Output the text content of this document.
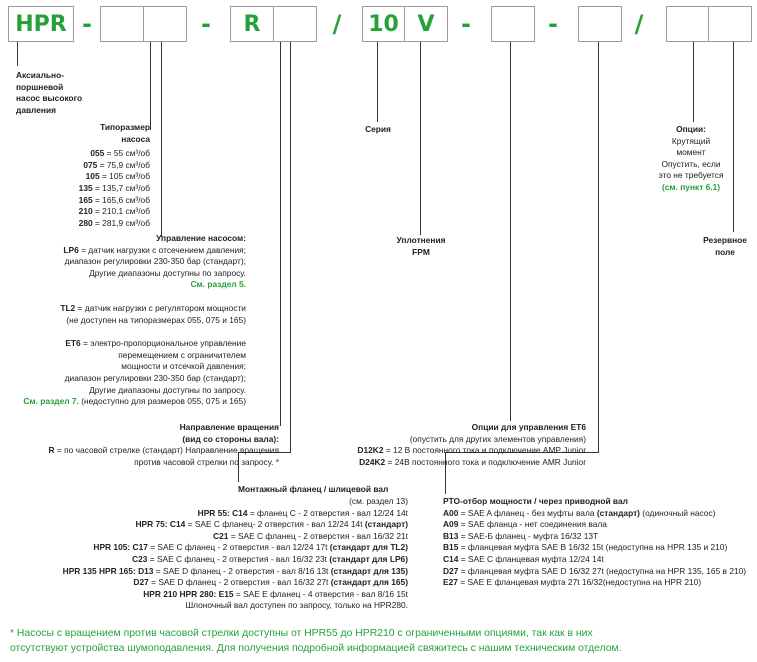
HPR -	- R	/	10 V -	-	/
Аксиально-
поршневой
насос высокого
давления
Типоразмер
насоса
055 = 55 см³/об
075 = 75,9 см³/об
105 = 105 см³/об
135 = 135,7 см³/об
165 = 165,6 см³/об
210 = 210,1 см³/об
280 = 281,9 см³/об
Управление насосом:
LP6 = датчик нагрузки с отсечением давления;
диапазон регулировки 230-350 бар (стандарт);
Другие диапазоны доступны по запросу.
См. раздел 5.
TL2 = датчик нагрузки с регулятором мощности
(не доступен на типоразмерах 055, 075 и 165)
ET6 = электро-пропорциональное управление
перемещением с ограничителем
мощности и отсечкой давления;
диапазон регулировки 230-350 бар (стандарт);
Другие диапазоны доступны по запросу.
См. раздел 7. (недоступно для размеров 055, 075 и 165)
Направление вращения
(вид со стороны вала):
R = по часовой стрелке (стандарт) Направление вращения
против часовой стрелки по запросу. *
Серия
Уплотнения
FPM
Опции:
Крутящий
момент
Опустить, если
это не требуется
(см. пункт 6.1)
Резервное
поле
Опции для управления ET6
(опустить для других элементов управления)
D12K2 = 12 В постоянного тока и подключение AMP Junior
D24K2 = 24В постоянного тока и подключение AMR Junior
Монтажный фланец / шлицевой вал
(см. раздел 13)
HPR 55: C14 = фланец С - 2 отверстия - вал 12/24 14t
HPR 75: C14 = SAE C фланец- 2 отверстия - вал 12/24 14t (стандарт)
C21 = SAE C фланец - 2 отверстия - вал 16/32 21t
HPR 105: C17 = SAE C фланец - 2 отверстия - вал 12/24 17t (стандарт для TL2)
C23 = SAE C фланец - 2 отверстия - вал 16/32 23t (стандарт для LP6)
HPR 135 HPR 165: D13 = SAE D фланец - 2 отверстия - вал 8/16 13t (стандарт для 135)
D27 = SAE D фланец - 2 отверстия - вал 16/32 27t (стандарт для 165)
HPR 210 HPR 280: E15 = SAE E фланец - 4 отверстия - вал 8/16 15t
Шлоночный вал доступен по запросу, только на HPR280.
PTO-отбор мощности / через приводной вал
A00 = SAE A фланец - без муфты вала (стандарт) (одиночный насос)
A09 = SAE фланца - нет соединения вала
B13 = SAE-Б фланец - муфта 16/32 13T
B15 = фланцевая муфта SAE B 16/32 15t (недоступна на HPR 135 и 210)
C14 = SAE C фланцевая муфта 12/24 14t
D27 = фланцевая муфта SAE D 16/32 27t (недоступна на HPR 135, 165 в 210)
E27 = SAE E фланцевая муфта 27t 16/32(недоступна на HPR 210)
* Насосы с вращением против часовой стрелки доступны от HPR55 до HPR210 с ограниченными опциями, так как в них
отсутствуют устройства шумоподавления. Для получения подробной информацией свяжитесь с нашим техническим отделом.
